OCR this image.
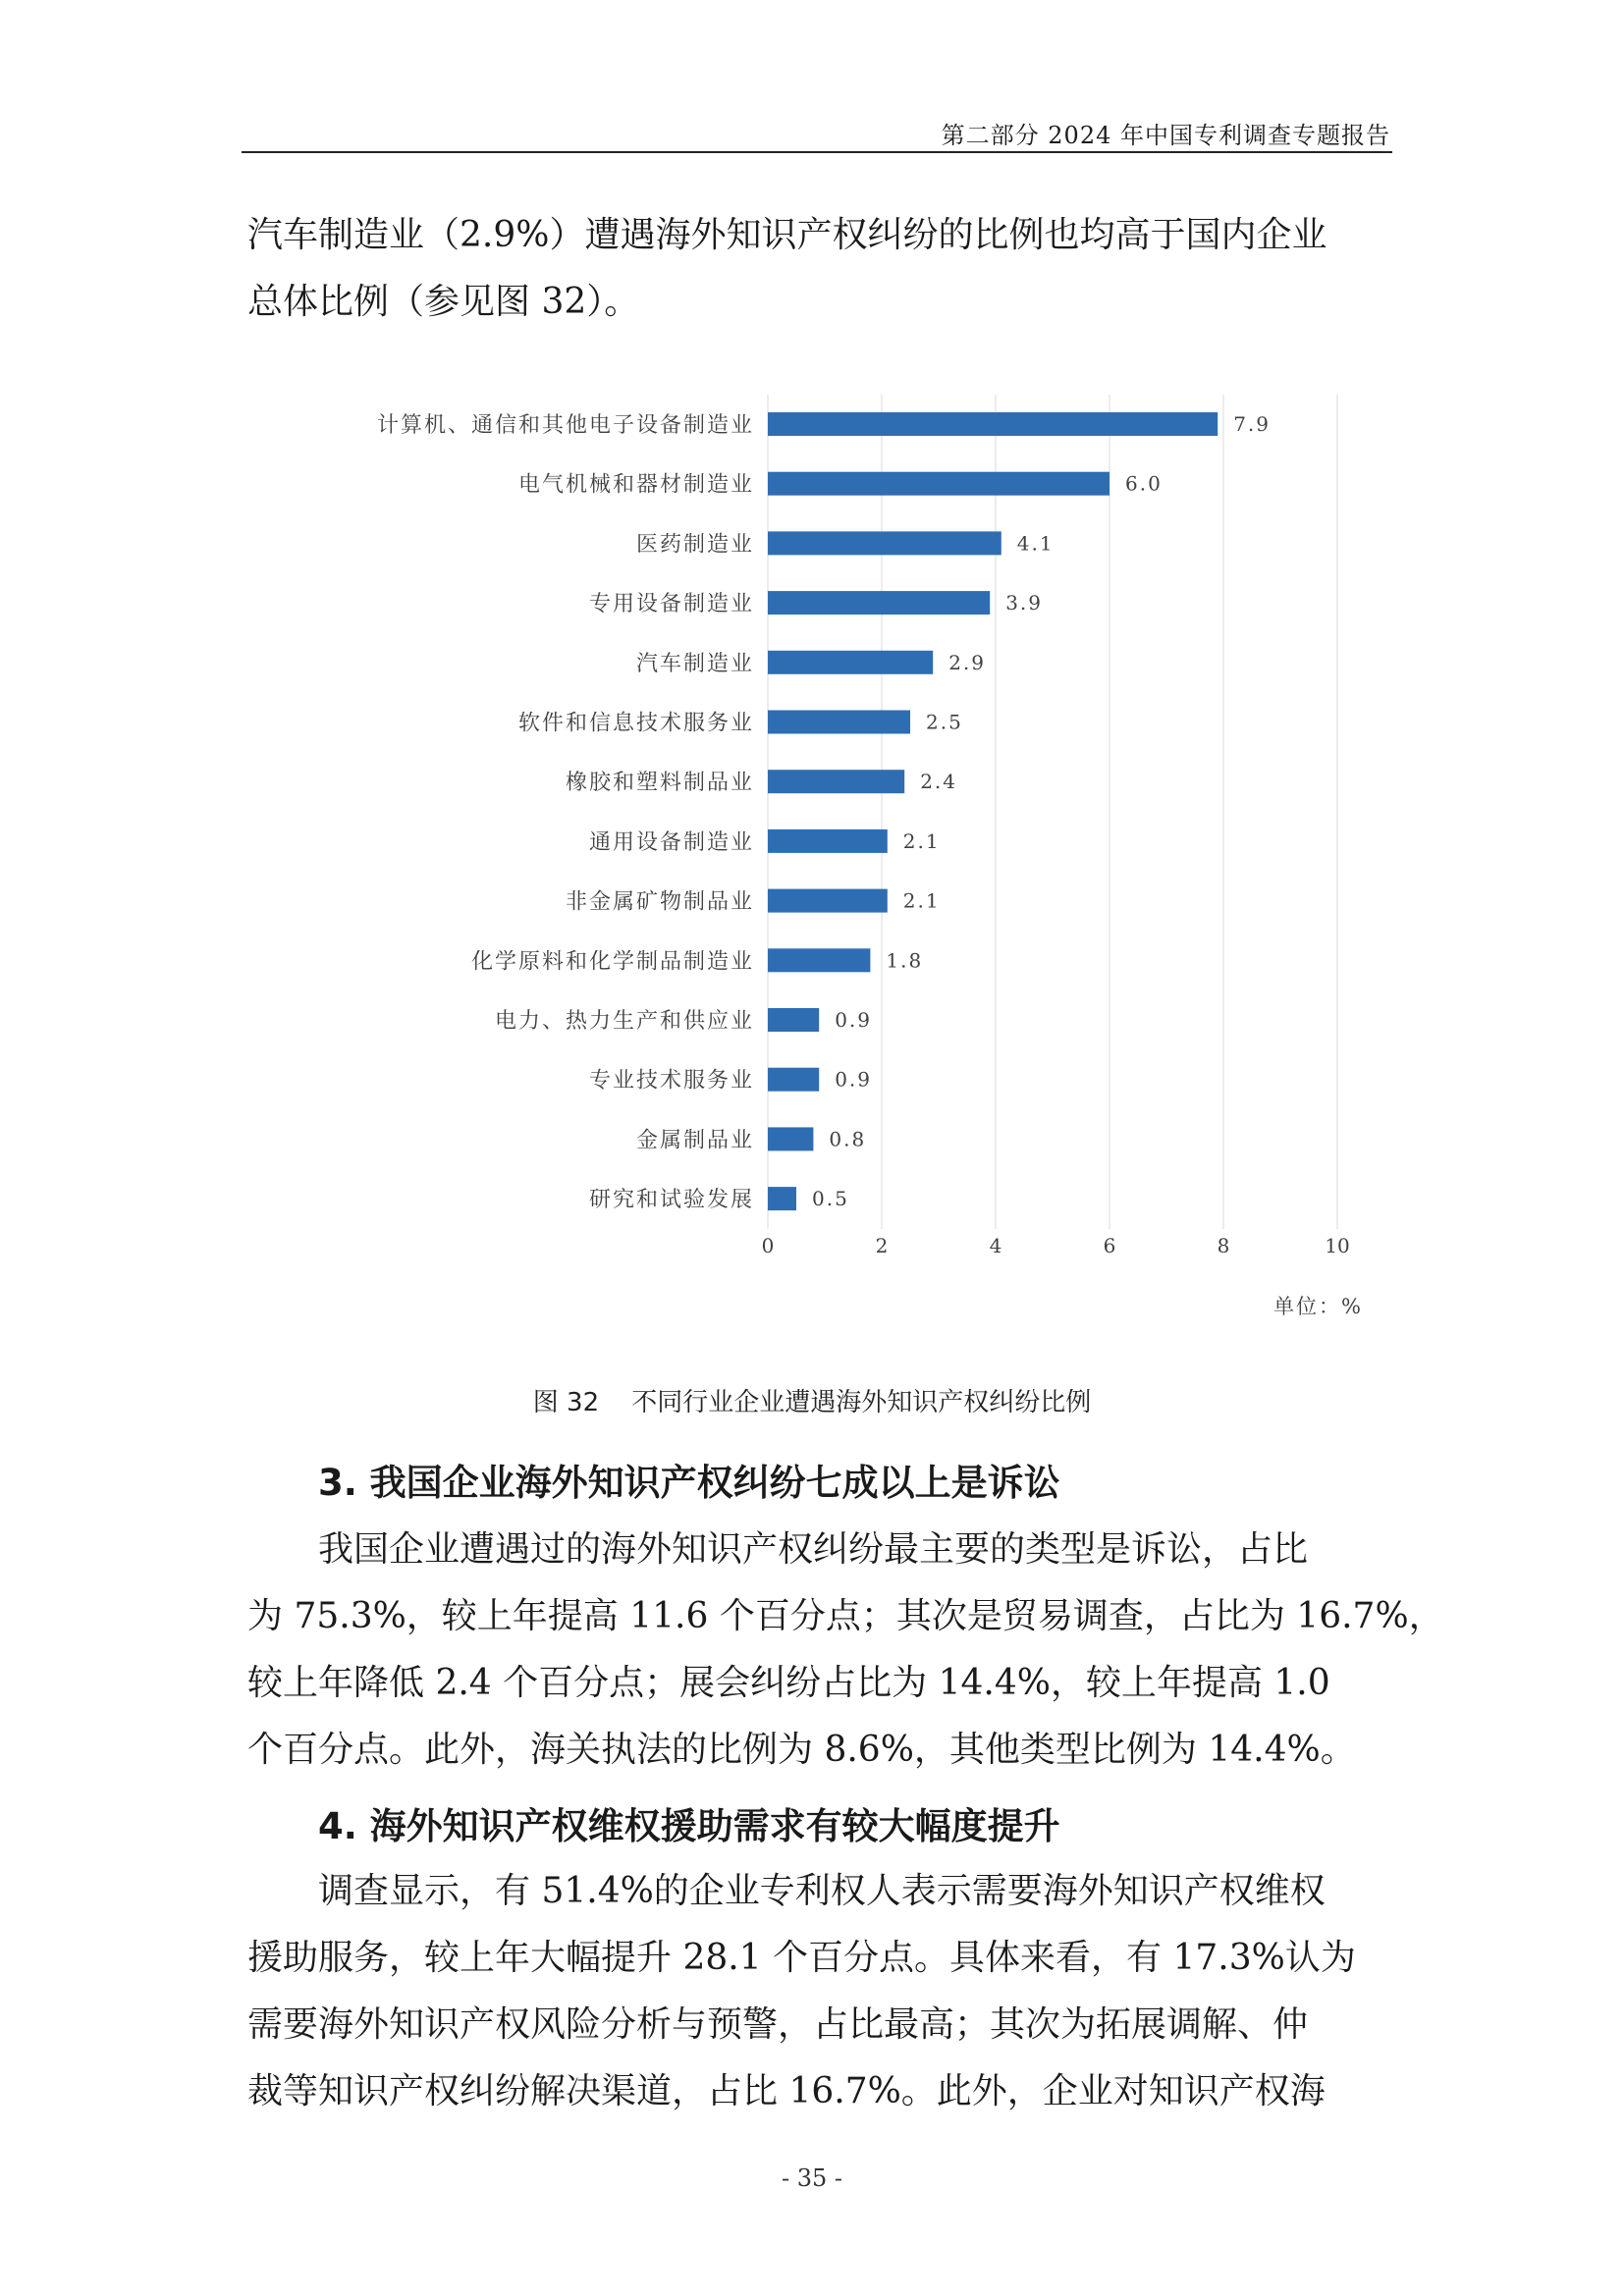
第二部分 2024 年中国专利调查专题报告

汽车制造业（2.9%）遭遇海外知识产权纠纷的比例也均高于国内企业
总体比例（参见图 32）。

计算机、通信和其他电子设备制造业	7.9
电气机械和器材制造业	6.0
医药制造业	4.1
专用设备制造业	3.9
汽车制造业	2.9
软件和信息技术服务业	2.5
橡胶和塑料制品业	2.4
通用设备制造业	2.1
非金属矿物制品业	2.1
化学原料和化学制品制造业	1.8
电力、热力生产和供应业	0.9
专业技术服务业	0.9
金属制品业	0.8
研究和试验发展	0.5
0	2	4	6	8	10
单位：%
图 32 不同行业企业遭遇海外知识产权纠纷比例
3. 我国企业海外知识产权纠纷七成以上是诉讼

我国企业遭遇过的海外知识产权纠纷最主要的类型是诉讼，占比
为 75.3%，较上年提高 11.6 个百分点；其次是贸易调查，占比为 16.7%，
较上年降低 2.4 个百分点；展会纠纷占比为 14.4%，较上年提高 1.0
个百分点。此外，海关执法的比例为 8.6%，其他类型比例为 14.4%。

4. 海外知识产权维权援助需求有较大幅度提升

调查显示，有 51.4%的企业专利权人表示需要海外知识产权维权
援助服务，较上年大幅提升 28.1 个百分点。具体来看，有 17.3%认为
需要海外知识产权风险分析与预警，占比最高；其次为拓展调解、仲
裁等知识产权纠纷解决渠道，占比 16.7%。此外，企业对知识产权海

- 35 -
